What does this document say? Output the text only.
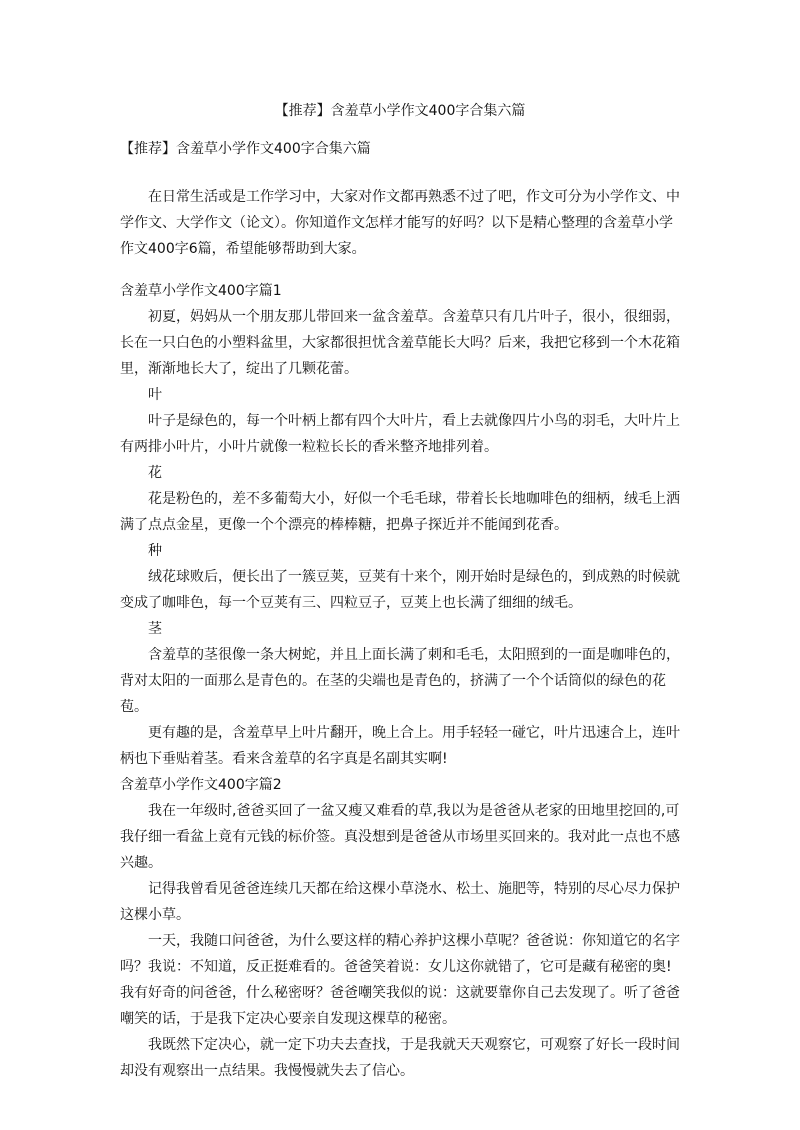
【推荐】含羞草小学作文400字合集六篇

【推荐】含羞草小学作文400字合集六篇

在日常生活或是工作学习中，大家对作文都再熟悉不过了吧，作文可分为小学作文、中学作文、大学作文（论文）。你知道作文怎样才能写的好吗？以下是精心整理的含羞草小学作文400字6篇，希望能够帮助到大家。

含羞草小学作文400字篇1

初夏，妈妈从一个朋友那儿带回来一盆含羞草。含羞草只有几片叶子，很小，很细弱，长在一只白色的小塑料盆里，大家都很担忧含羞草能长大吗？后来，我把它移到一个木花箱里，渐渐地长大了，绽出了几颗花蕾。

叶

叶子是绿色的，每一个叶柄上都有四个大叶片，看上去就像四片小鸟的羽毛，大叶片上有两排小叶片，小叶片就像一粒粒长长的香米整齐地排列着。

花

花是粉色的，差不多葡萄大小，好似一个毛毛球，带着长长地咖啡色的细柄，绒毛上洒满了点点金星，更像一个个漂亮的棒棒糖，把鼻子探近并不能闻到花香。

种

绒花球败后，便长出了一簇豆荚，豆荚有十来个，刚开始时是绿色的，到成熟的时候就变成了咖啡色，每一个豆荚有三、四粒豆子，豆荚上也长满了细细的绒毛。

茎

含羞草的茎很像一条大树蛇，并且上面长满了刺和毛毛，太阳照到的一面是咖啡色的，背对太阳的一面那么是青色的。在茎的尖端也是青色的，挤满了一个个话筒似的绿色的花苞。

更有趣的是，含羞草早上叶片翻开，晚上合上。用手轻轻一碰它，叶片迅速合上，连叶柄也下垂贴着茎。看来含羞草的名字真是名副其实啊!

含羞草小学作文400字篇2

我在一年级时,爸爸买回了一盆又瘦又难看的草,我以为是爸爸从老家的田地里挖回的,可我仔细一看盆上竟有元钱的标价签。真没想到是爸爸从市场里买回来的。我对此一点也不感兴趣。

记得我曾看见爸爸连续几天都在给这棵小草浇水、松土、施肥等，特别的尽心尽力保护这棵小草。

一天，我随口问爸爸，为什么要这样的精心养护这棵小草呢？爸爸说：你知道它的名字吗？我说：不知道，反正挺难看的。爸爸笑着说：女儿这你就错了，它可是藏有秘密的奥!我有好奇的问爸爸，什么秘密呀？爸爸嘲笑我似的说：这就要靠你自己去发现了。听了爸爸嘲笑的话，于是我下定决心要亲自发现这棵草的秘密。

我既然下定决心，就一定下功夫去查找，于是我就天天观察它，可观察了好长一段时间却没有观察出一点结果。我慢慢就失去了信心。
